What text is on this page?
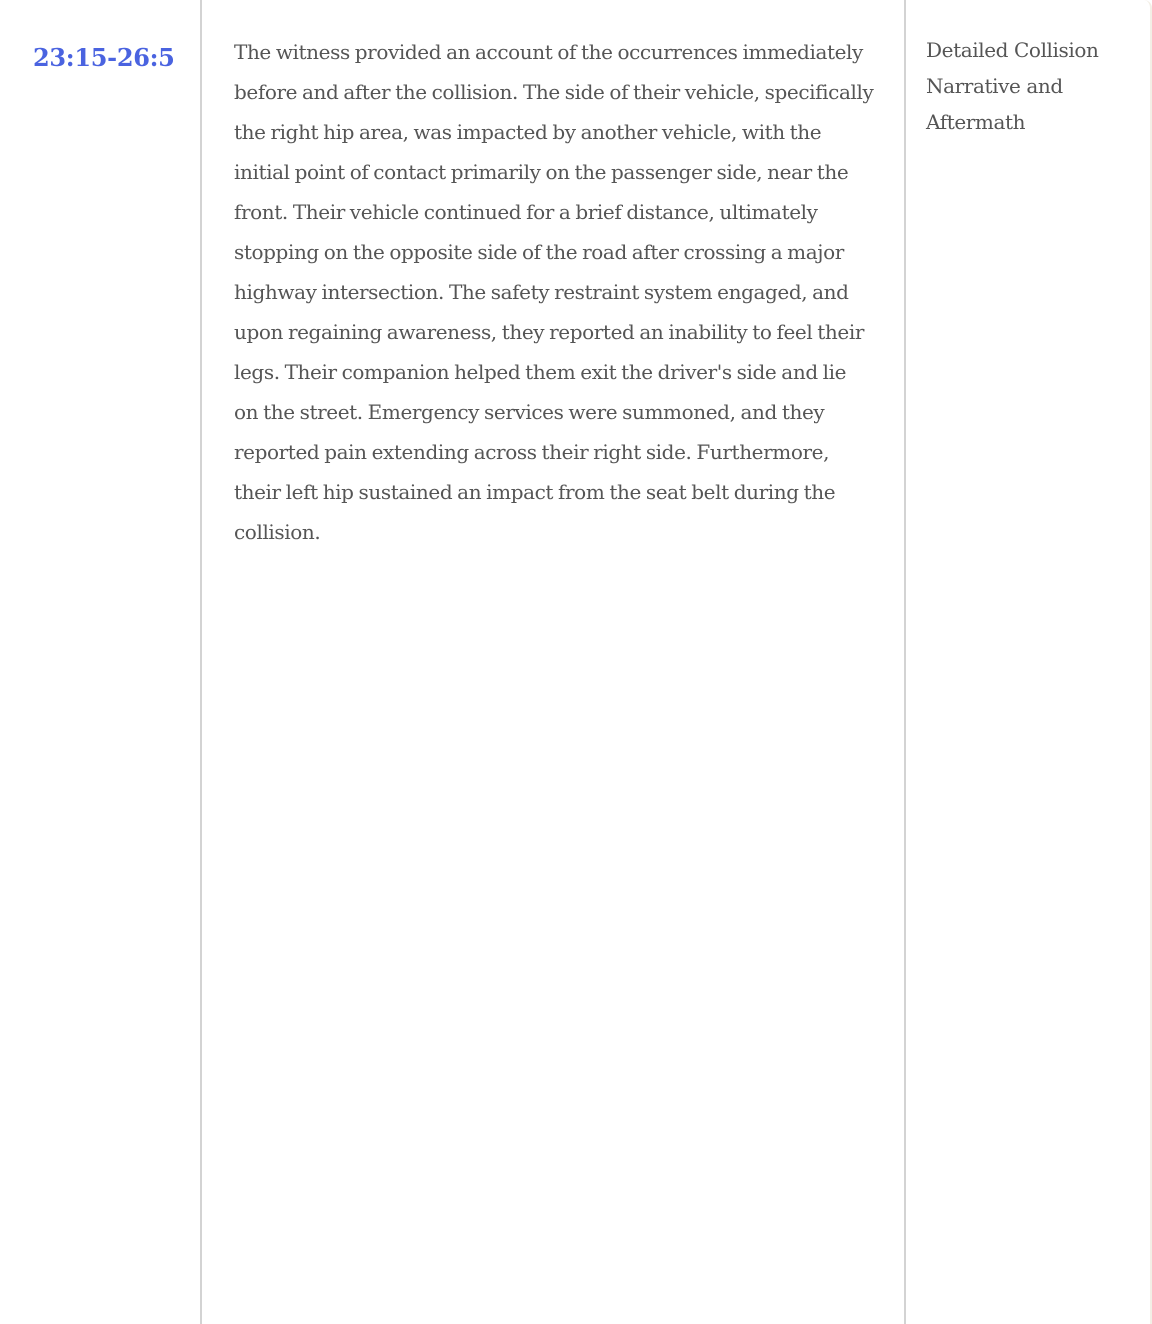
23:15-26:5	The witness provided an account of the occurrences immediately before and after the collision. The side of their vehicle, specifically the right hip area, was impacted by another vehicle, with the initial point of contact primarily on the passenger side, near the front. Their vehicle continued for a brief distance, ultimately stopping on the opposite side of the road after crossing a major highway intersection. The safety restraint system engaged, and upon regaining awareness, they reported an inability to feel their legs. Their companion helped them exit the driver's side and lie on the street. Emergency services were summoned, and they reported pain extending across their right side. Furthermore, their left hip sustained an impact from the seat belt during the collision.

Detailed Collision Narrative and Aftermath
